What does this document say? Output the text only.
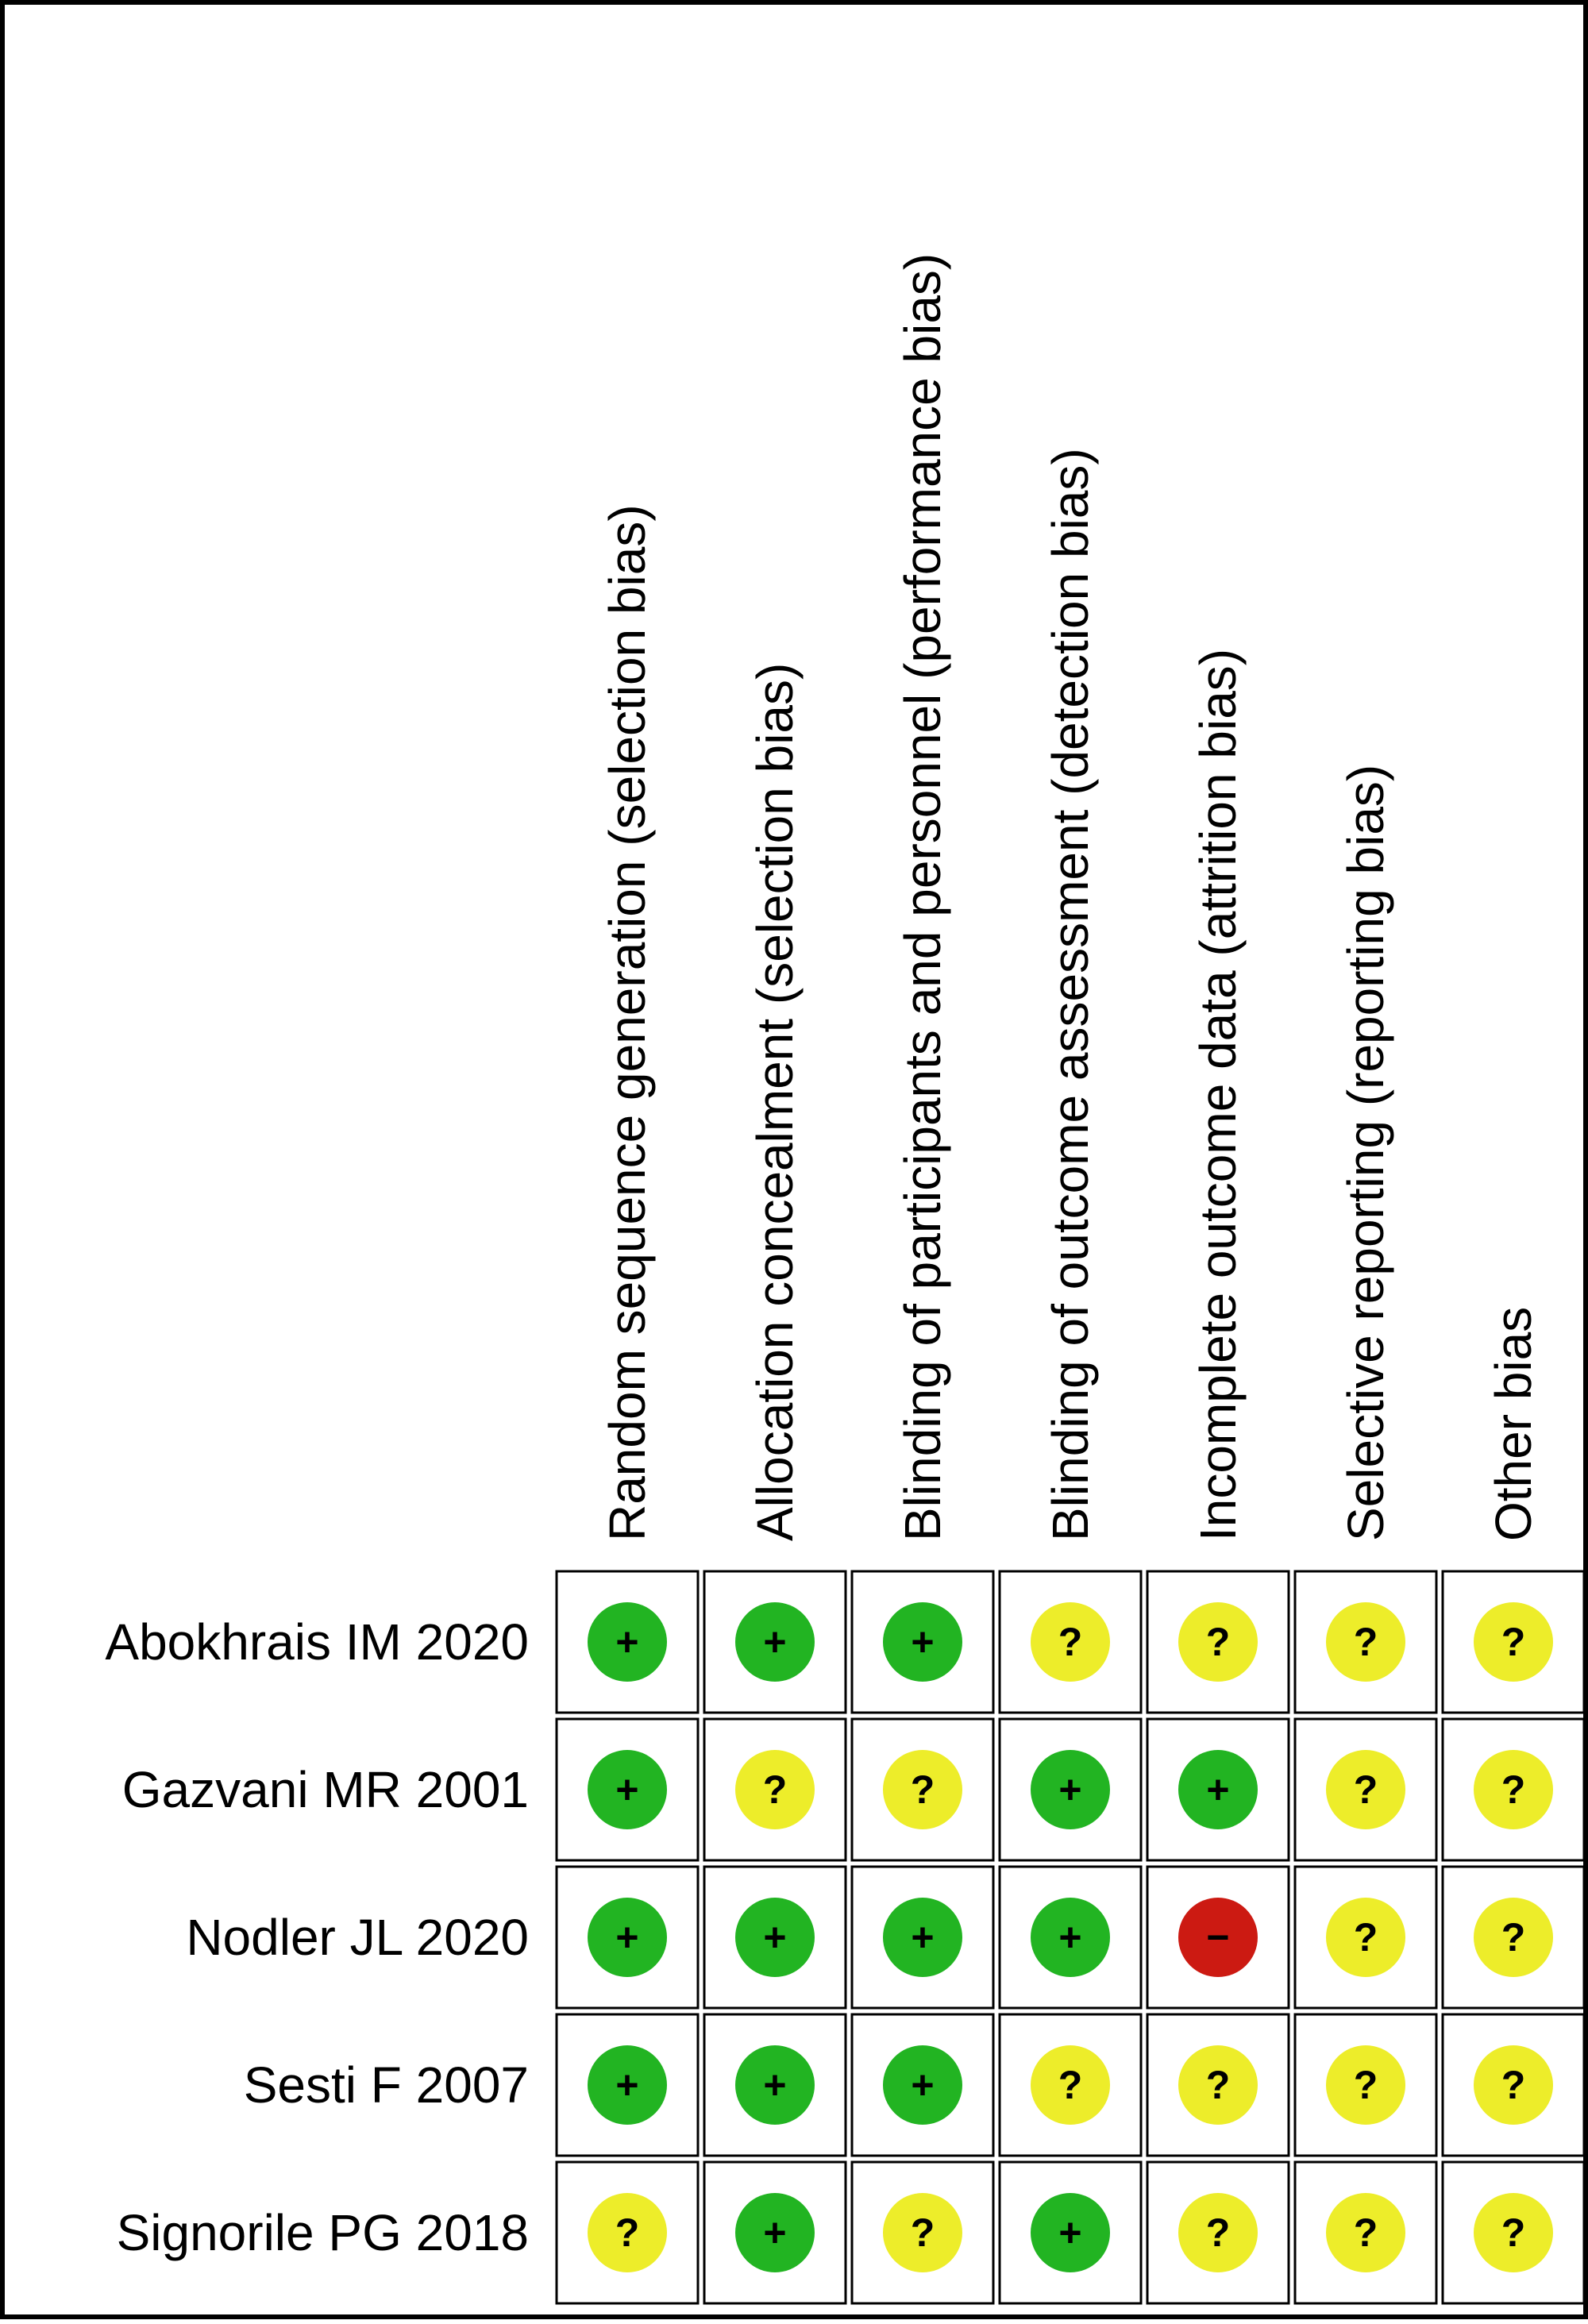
Random sequence generation (selection bias) Allocation concealment (selection bias) Blinding of participants and personnel (performance bias) Blinding of outcome assessment (detection bias) Incomplete outcome data (attrition bias) Selective reporting (reporting bias) Other bias
Abokhrais IM 2020 +	+	+	?	?	?	?
Gazvani MR 2001 +	?	?	+	+	?	?
Nodler JL 2020 +	+	+	+	−	?	?
Sesti F 2007 +	+	+	?	?	?	?
Signorile PG 2018 ?	+	?	+	?	?	?
